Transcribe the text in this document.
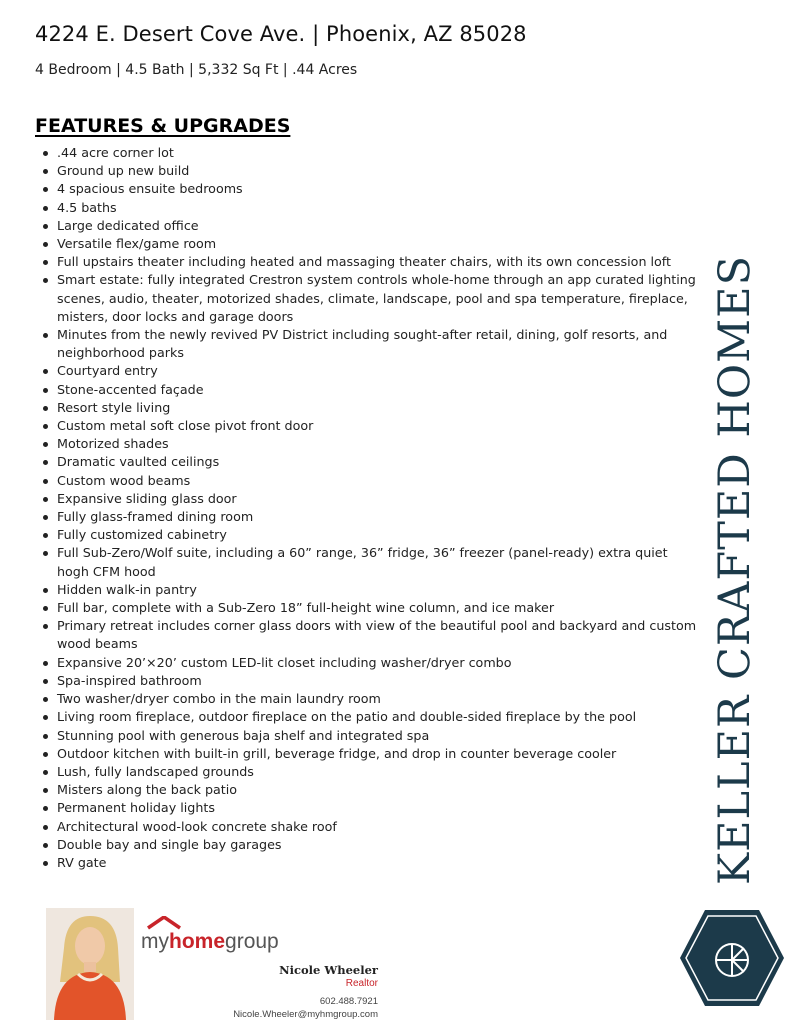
4224 E. Desert Cove Ave. | Phoenix, AZ 85028
4 Bedroom | 4.5 Bath | 5,332 Sq Ft | .44 Acres
FEATURES & UPGRADES
.44 acre corner lot
Ground up new build
4 spacious ensuite bedrooms
4.5 baths
Large dedicated office
Versatile flex/game room
Full upstairs theater including heated and massaging theater chairs, with its own concession loft
Smart estate: fully integrated Crestron system controls whole-home through an app curated lighting scenes, audio, theater, motorized shades, climate, landscape, pool and spa temperature, fireplace, misters, door locks and garage doors
Minutes from the newly revived PV District including sought-after retail, dining, golf resorts, and neighborhood parks
Courtyard entry
Stone-accented façade
Resort style living
Custom metal soft close pivot front door
Motorized shades
Dramatic vaulted ceilings
Custom wood beams
Expansive sliding glass door
Fully glass-framed dining room
Fully customized cabinetry
Full Sub-Zero/Wolf suite, including a 60” range, 36” fridge, 36” freezer (panel-ready) extra quiet hogh CFM hood
Hidden walk-in pantry
Full bar, complete with a Sub-Zero 18” full-height wine column, and ice maker
Primary retreat includes corner glass doors with view of the beautiful pool and backyard and custom wood beams
Expansive 20’×20’ custom LED-lit closet including washer/dryer combo
Spa-inspired bathroom
Two washer/dryer combo in the main laundry room
Living room fireplace, outdoor fireplace on the patio and double-sided fireplace by the pool
Stunning pool with generous baja shelf and integrated spa
Outdoor kitchen with built-in grill, beverage fridge, and drop in counter beverage cooler
Lush, fully landscaped grounds
Misters along the back patio
Permanent holiday lights
Architectural wood-look concrete shake roof
Double bay and single bay garages
RV gate	KELLER CRAFTED HOMES
myhomegroup
Nicole Wheeler
Realtor
602.488.7921
Nicole.Wheeler@myhmgroup.com
